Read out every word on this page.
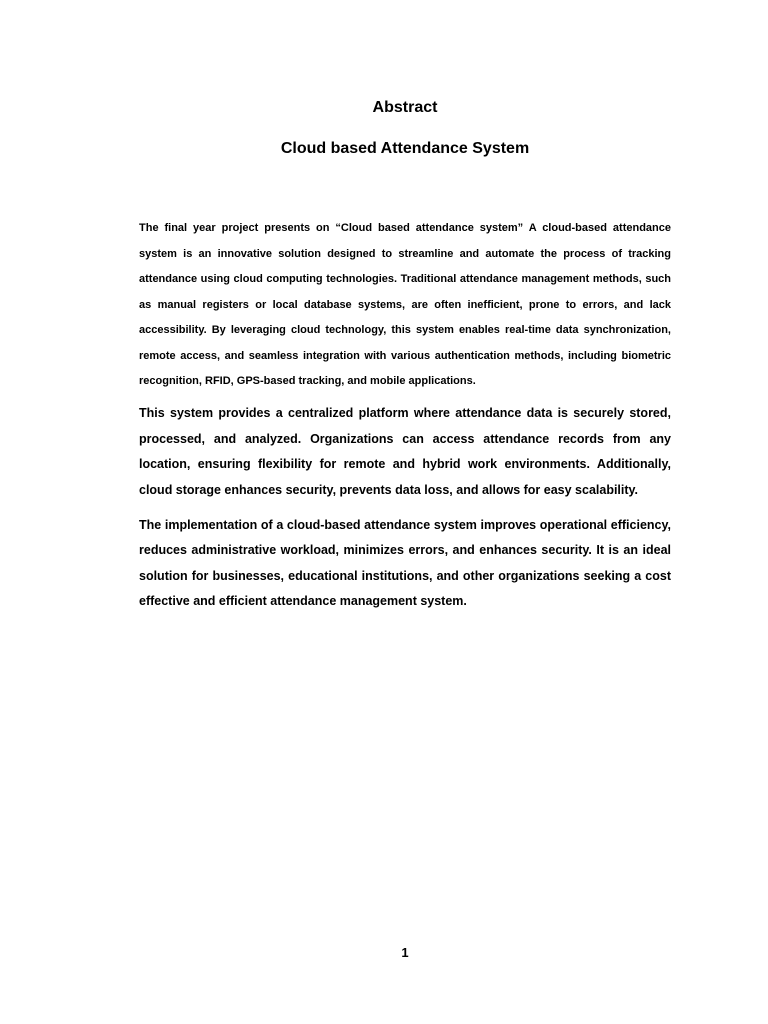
Abstract
Cloud based Attendance System

The final year project presents on “Cloud based attendance system” A cloud-based attendance system is an innovative solution designed to streamline and automate the process of tracking attendance using cloud computing technologies. Traditional attendance management methods, such as manual registers or local database systems, are often inefficient, prone to errors, and lack accessibility. By leveraging cloud technology, this system enables real-time data synchronization, remote access, and seamless integration with various authentication methods, including biometric recognition, RFID, GPS-based tracking, and mobile applications.

This system provides a centralized platform where attendance data is securely stored, processed, and analyzed. Organizations can access attendance records from any location, ensuring flexibility for remote and hybrid work environments. Additionally, cloud storage enhances security, prevents data loss, and allows for easy scalability.

The implementation of a cloud-based attendance system improves operational efficiency, reduces administrative workload, minimizes errors, and enhances security. It is an ideal solution for businesses, educational institutions, and other organizations seeking a cost effective and efficient attendance management system.

1
